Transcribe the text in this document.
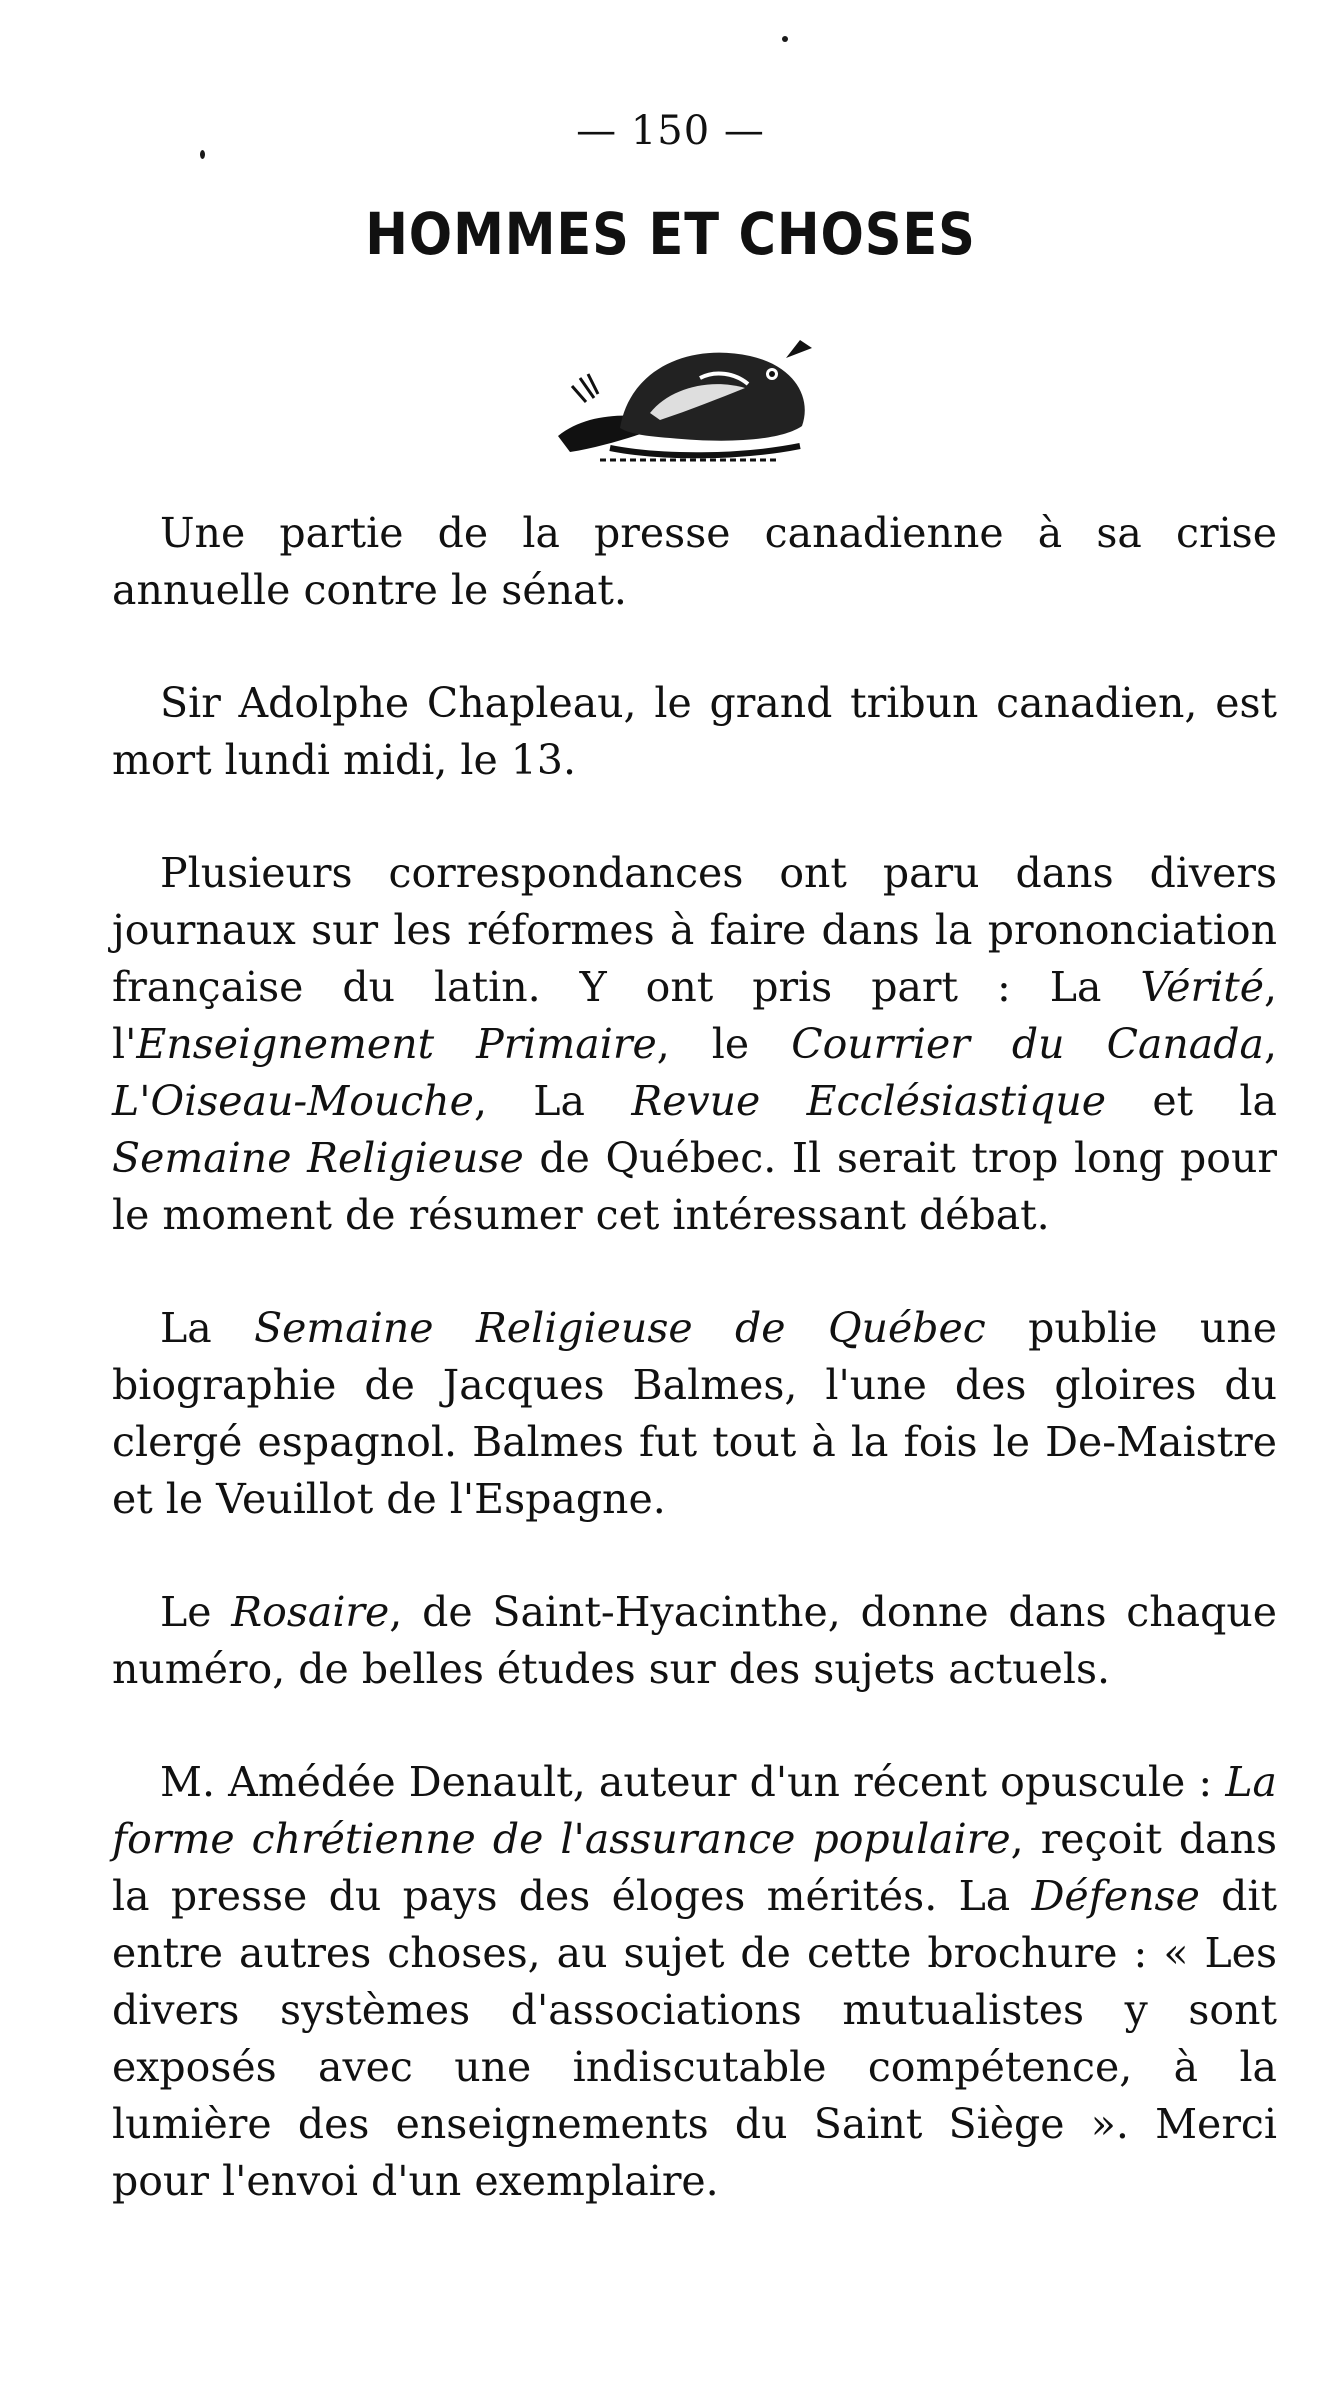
— 150 —
HOMMES ET CHOSES

Une partie de la presse canadienne à sa crise annuelle contre le sénat.

Sir Adolphe Chapleau, le grand tribun canadien, est mort lundi midi, le 13.

Plusieurs correspondances ont paru dans divers journaux sur les réformes à faire dans la prononciation française du latin. Y ont pris part : La Vérité, l'Enseignement Primaire, le Courrier du Canada, L'Oiseau-Mouche, La Revue Ecclésiastique et la Semaine Religieuse de Québec. Il serait trop long pour le moment de résumer cet intéressant débat.

La Semaine Religieuse de Québec publie une biographie de Jacques Balmes, l'une des gloires du clergé espagnol. Balmes fut tout à la fois le De-Maistre et le Veuillot de l'Espagne.

Le Rosaire, de Saint-Hyacinthe, donne dans chaque numéro, de belles études sur des sujets actuels.

M. Amédée Denault, auteur d'un récent opuscule : La forme chrétienne de l'assurance populaire, reçoit dans la presse du pays des éloges mérités. La Défense dit entre autres choses, au sujet de cette brochure : « Les divers systèmes d'associations mutualistes y sont exposés avec une indiscutable compétence, à la lumière des enseignements du Saint Siège ». Merci pour l'envoi d'un exemplaire.
